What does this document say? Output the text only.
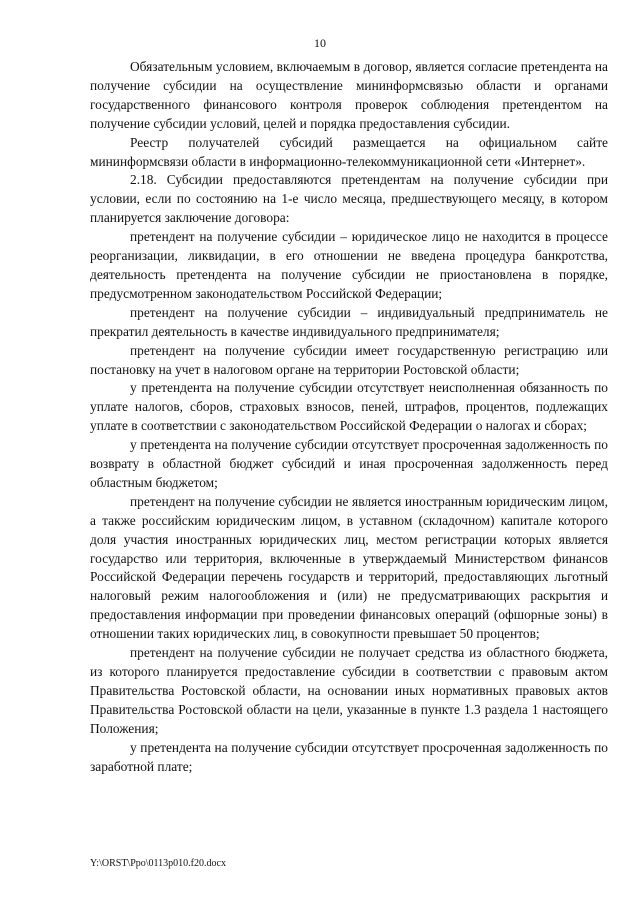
10

Обязательным условием, включаемым в договор, является согласие претендента на получение субсидии на осуществление мининформсвязью области и органами государственного финансового контроля проверок соблюдения претендентом на получение субсидии условий, целей и порядка предоставления субсидии.

Реестр получателей субсидий размещается на официальном сайте мининформсвязи области в информационно-телекоммуникационной сети «Интернет».

2.18. Субсидии предоставляются претендентам на получение субсидии при условии, если по состоянию на 1-е число месяца, предшествующего месяцу, в котором планируется заключение договора:

претендент на получение субсидии – юридическое лицо не находится в процессе реорганизации, ликвидации, в его отношении не введена процедура банкротства, деятельность претендента на получение субсидии не приостановлена в порядке, предусмотренном законодательством Российской Федерации;

претендент на получение субсидии – индивидуальный предприниматель не прекратил деятельность в качестве индивидуального предпринимателя;

претендент на получение субсидии имеет государственную регистрацию или постановку на учет в налоговом органе на территории Ростовской области;

у претендента на получение субсидии отсутствует неисполненная обязанность по уплате налогов, сборов, страховых взносов, пеней, штрафов, процентов, подлежащих уплате в соответствии с законодательством Российской Федерации о налогах и сборах;

у претендента на получение субсидии отсутствует просроченная задолженность по возврату в областной бюджет субсидий и иная просроченная задолженность перед областным бюджетом;

претендент на получение субсидии не является иностранным юридическим лицом, а также российским юридическим лицом, в уставном (складочном) капитале которого доля участия иностранных юридических лиц, местом регистрации которых является государство или территория, включенные в утверждаемый Министерством финансов Российской Федерации перечень государств и территорий, предоставляющих льготный налоговый режим налогообложения и (или) не предусматривающих раскрытия и предоставления информации при проведении финансовых операций (офшорные зоны) в отношении таких юридических лиц, в совокупности превышает 50 процентов;

претендент на получение субсидии не получает средства из областного бюджета, из которого планируется предоставление субсидии в соответствии с правовым актом Правительства Ростовской области, на основании иных нормативных правовых актов Правительства Ростовской области на цели, указанные в пункте 1.3 раздела 1 настоящего Положения;

у претендента на получение субсидии отсутствует просроченная задолженность по заработной плате;

Y:\ORST\Ppo\0113p010.f20.docx
